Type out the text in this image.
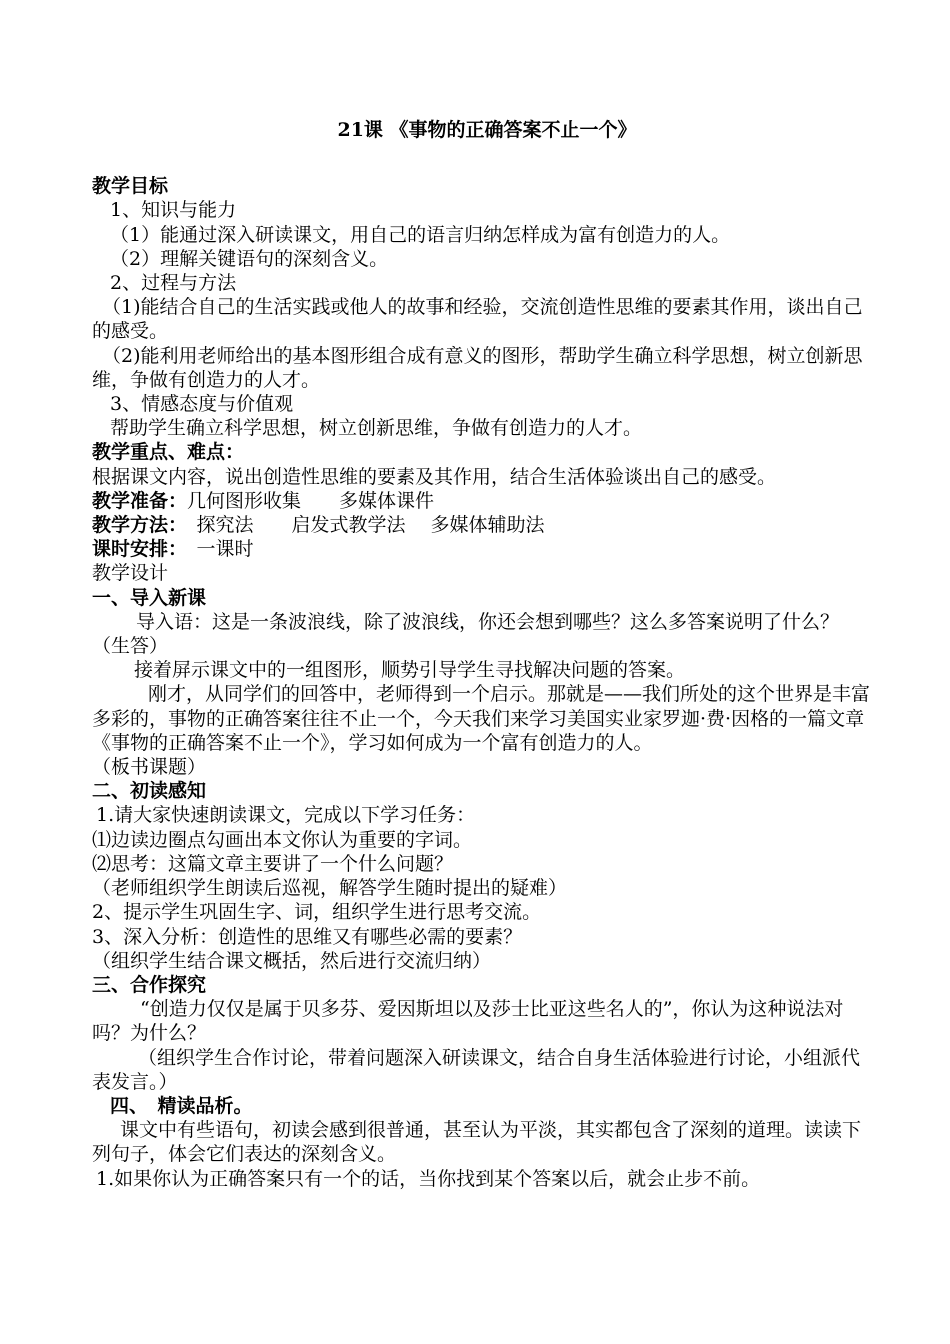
21课 《事物的正确答案不止一个》

教学目标

1、知识与能力

（1）能通过深入研读课文，用自己的语言归纳怎样成为富有创造力的人。

（2）理解关键语句的深刻含义。

2、过程与方法

（1)能结合自己的生活实践或他人的故事和经验，交流创造性思维的要素其作用，谈出自己的感受。

（2)能利用老师给出的基本图形组合成有意义的图形，帮助学生确立科学思想，树立创新思维，争做有创造力的人才。

3、情感态度与价值观

帮助学生确立科学思想，树立创新思维，争做有创造力的人才。

教学重点、难点：

根据课文内容，说出创造性思维的要素及其作用，结合生活体验谈出自己的感受。

教学准备：几何图形收集　　多媒体课件

教学方法：　探究法　　启发式教学法　 多媒体辅助法

课时安排：　一课时

教学设计

一、导入新课

导入语：这是一条波浪线，除了波浪线，你还会想到哪些？这么多答案说明了什么？（生答）

接着屏示课文中的一组图形，顺势引导学生寻找解决问题的答案。

刚才，从同学们的回答中，老师得到一个启示。那就是——我们所处的这个世界是丰富多彩的，事物的正确答案往往不止一个，今天我们来学习美国实业家罗迦·费·因格的一篇文章《事物的正确答案不止一个》，学习如何成为一个富有创造力的人。

（板书课题）

二、初读感知

1.请大家快速朗读课文，完成以下学习任务：

⑴边读边圈点勾画出本文你认为重要的字词。

⑵思考：这篇文章主要讲了一个什么问题？

（老师组织学生朗读后巡视，解答学生随时提出的疑难）

2、提示学生巩固生字、词，组织学生进行思考交流。

3、深入分析：创造性的思维又有哪些必需的要素？

（组织学生结合课文概括，然后进行交流归纳）

三、合作探究

“创造力仅仅是属于贝多芬、爱因斯坦以及莎士比亚这些名人的”，你认为这种说法对吗？为什么？

（组织学生合作讨论，带着问题深入研读课文，结合自身生活体验进行讨论，小组派代表发言。）

四、　精读品析。

课文中有些语句，初读会感到很普通，甚至认为平淡，其实都包含了深刻的道理。读读下列句子，体会它们表达的深刻含义。

1.如果你认为正确答案只有一个的话，当你找到某个答案以后，就会止步不前。
